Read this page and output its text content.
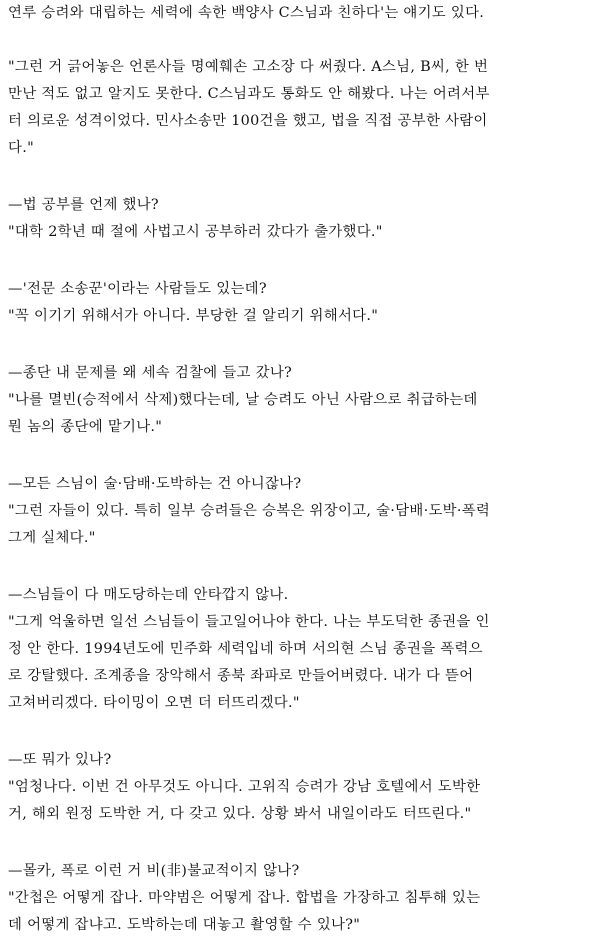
연루 승려와 대립하는 세력에 속한 백양사 C스님과 친하다'는 얘기도 있다.
"그런 거 긁어놓은 언론사들 명예훼손 고소장 다 써줬다. A스님, B씨, 한 번
만난 적도 없고 알지도 못한다. C스님과도 통화도 안 해봤다. 나는 어려서부
터 의로운 성격이었다. 민사소송만 100건을 했고, 법을 직접 공부한 사람이
다."
—법 공부를 언제 했나?
"대학 2학년 때 절에 사법고시 공부하러 갔다가 출가했다."
—'전문 소송꾼'이라는 사람들도 있는데?
"꼭 이기기 위해서가 아니다. 부당한 걸 알리기 위해서다."
—종단 내 문제를 왜 세속 검찰에 들고 갔나?
"나를 멸빈(승적에서 삭제)했다는데, 날 승려도 아닌 사람으로 취급하는데
뭔 놈의 종단에 맡기나."
—모든 스님이 술·담배·도박하는 건 아니잖나?
"그런 자들이 있다. 특히 일부 승려들은 승복은 위장이고, 술·담배·도박·폭력
그게 실체다."
—스님들이 다 매도당하는데 안타깝지 않나.
"그게 억울하면 일선 스님들이 들고일어나야 한다. 나는 부도덕한 종권을 인
정 안 한다. 1994년도에 민주화 세력입네 하며 서의현 스님 종권을 폭력으
로 강탈했다. 조계종을 장악해서 종북 좌파로 만들어버렸다. 내가 다 뜯어
고쳐버리겠다. 타이밍이 오면 더 터뜨리겠다."
—또 뭐가 있나?
"엄청나다. 이번 건 아무것도 아니다. 고위직 승려가 강남 호텔에서 도박한
거, 해외 원정 도박한 거, 다 갖고 있다. 상황 봐서 내일이라도 터뜨린다."
—몰카, 폭로 이런 거 비(非)불교적이지 않나?
"간첩은 어떻게 잡나. 마약범은 어떻게 잡나. 합법을 가장하고 침투해 있는
데 어떻게 잡냐고. 도박하는데 대놓고 촬영할 수 있나?"
